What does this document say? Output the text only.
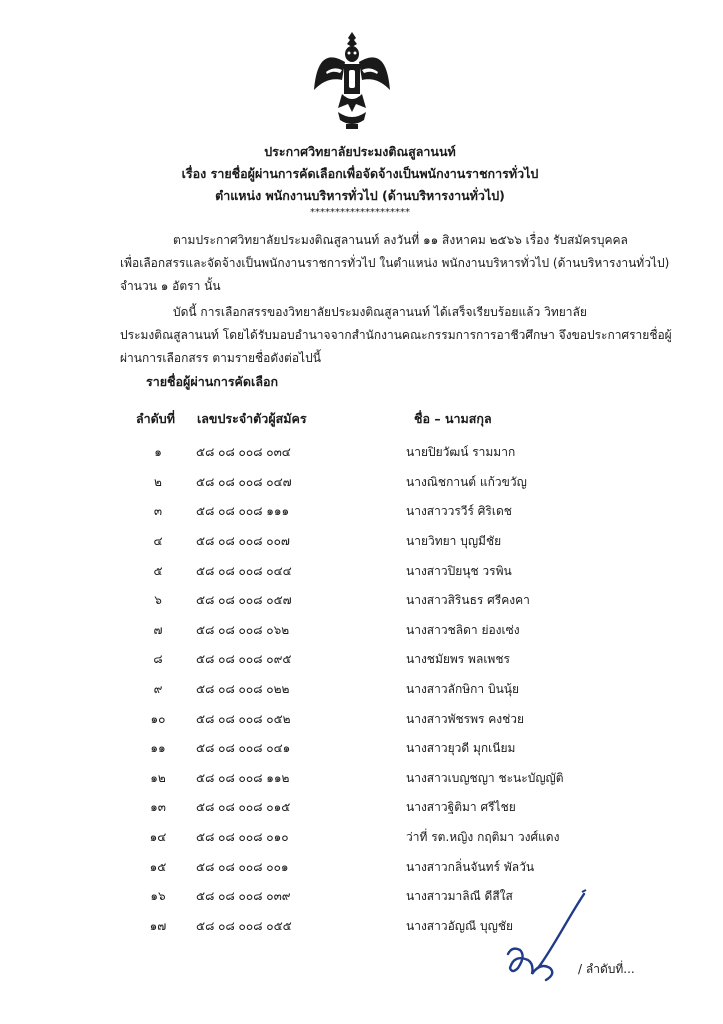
ประกาศวิทยาลัยประมงติณสูลานนท์
เรื่อง รายชื่อผู้ผ่านการคัดเลือกเพื่อจัดจ้างเป็นพนักงานราชการทั่วไป
ตำแหน่ง พนักงานบริหารทั่วไป (ด้านบริหารงานทั่วไป)
********************
ตามประกาศวิทยาลัยประมงติณสูลานนท์ ลงวันที่ ๑๑ สิงหาคม ๒๕๖๖ เรื่อง รับสมัครบุคคล
เพื่อเลือกสรรและจัดจ้างเป็นพนักงานราชการทั่วไป ในตำแหน่ง พนักงานบริหารทั่วไป (ด้านบริหารงานทั่วไป)
จำนวน ๑ อัตรา นั้น
บัดนี้ การเลือกสรรของวิทยาลัยประมงติณสูลานนท์ ได้เสร็จเรียบร้อยแล้ว วิทยาลัย
ประมงติณสูลานนท์ โดยได้รับมอบอำนาจจากสำนักงานคณะกรรมการการอาชีวศึกษา จึงขอประกาศรายชื่อผู้
ผ่านการเลือกสรร ตามรายชื่อดังต่อไปนี้
รายชื่อผู้ผ่านการคัดเลือก
ลำดับที่ เลขประจำตัวผู้สมัคร	ชื่อ – นามสกุล
๑	๕๘ ๐๘ ๐๐๘ ๐๓๔	นายปิยวัฒน์ รามมาก
๒	๕๘ ๐๘ ๐๐๘ ๐๔๗	นางณิชกานต์ แก้วขวัญ
๓	๕๘ ๐๘ ๐๐๘ ๑๑๑	นางสาววรวีร์ ศิริเดช
๔	๕๘ ๐๘ ๐๐๘ ๐๐๗	นายวิทยา บุญมีชัย
๕	๕๘ ๐๘ ๐๐๘ ๐๔๔	นางสาวปิยนุช วรพิน
๖	๕๘ ๐๘ ๐๐๘ ๐๕๗	นางสาวสิรินธร ศรีคงคา
๗	๕๘ ๐๘ ๐๐๘ ๐๖๒	นางสาวชลิดา ย่องเซ่ง
๘	๕๘ ๐๘ ๐๐๘ ๐๙๕	นางชมัยพร พลเพชร
๙	๕๘ ๐๘ ๐๐๘ ๐๒๒	นางสาวลักษิกา บินนุ้ย
๑๐	๕๘ ๐๘ ๐๐๘ ๐๕๒	นางสาวพัชรพร คงช่วย
๑๑	๕๘ ๐๘ ๐๐๘ ๐๔๑	นางสาวยุวดี มุกเนียม
๑๒	๕๘ ๐๘ ๐๐๘ ๑๑๒	นางสาวเบญชญา ชะนะบัญญัติ
๑๓	๕๘ ๐๘ ๐๐๘ ๐๑๕	นางสาวฐิติมา ศรีไชย
๑๔	๕๘ ๐๘ ๐๐๘ ๐๑๐	ว่าที่ รต.หญิง กฤติมา วงศ์แดง
๑๕	๕๘ ๐๘ ๐๐๘ ๐๐๑	นางสาวกลิ่นจันทร์ พัลวัน
๑๖	๕๘ ๐๘ ๐๐๘ ๐๓๙	นางสาวมาลิณี ดีสีใส
๑๗	๕๘ ๐๘ ๐๐๘ ๐๕๕	นางสาวอัญณี บุญชัย
/ ลำดับที่...
